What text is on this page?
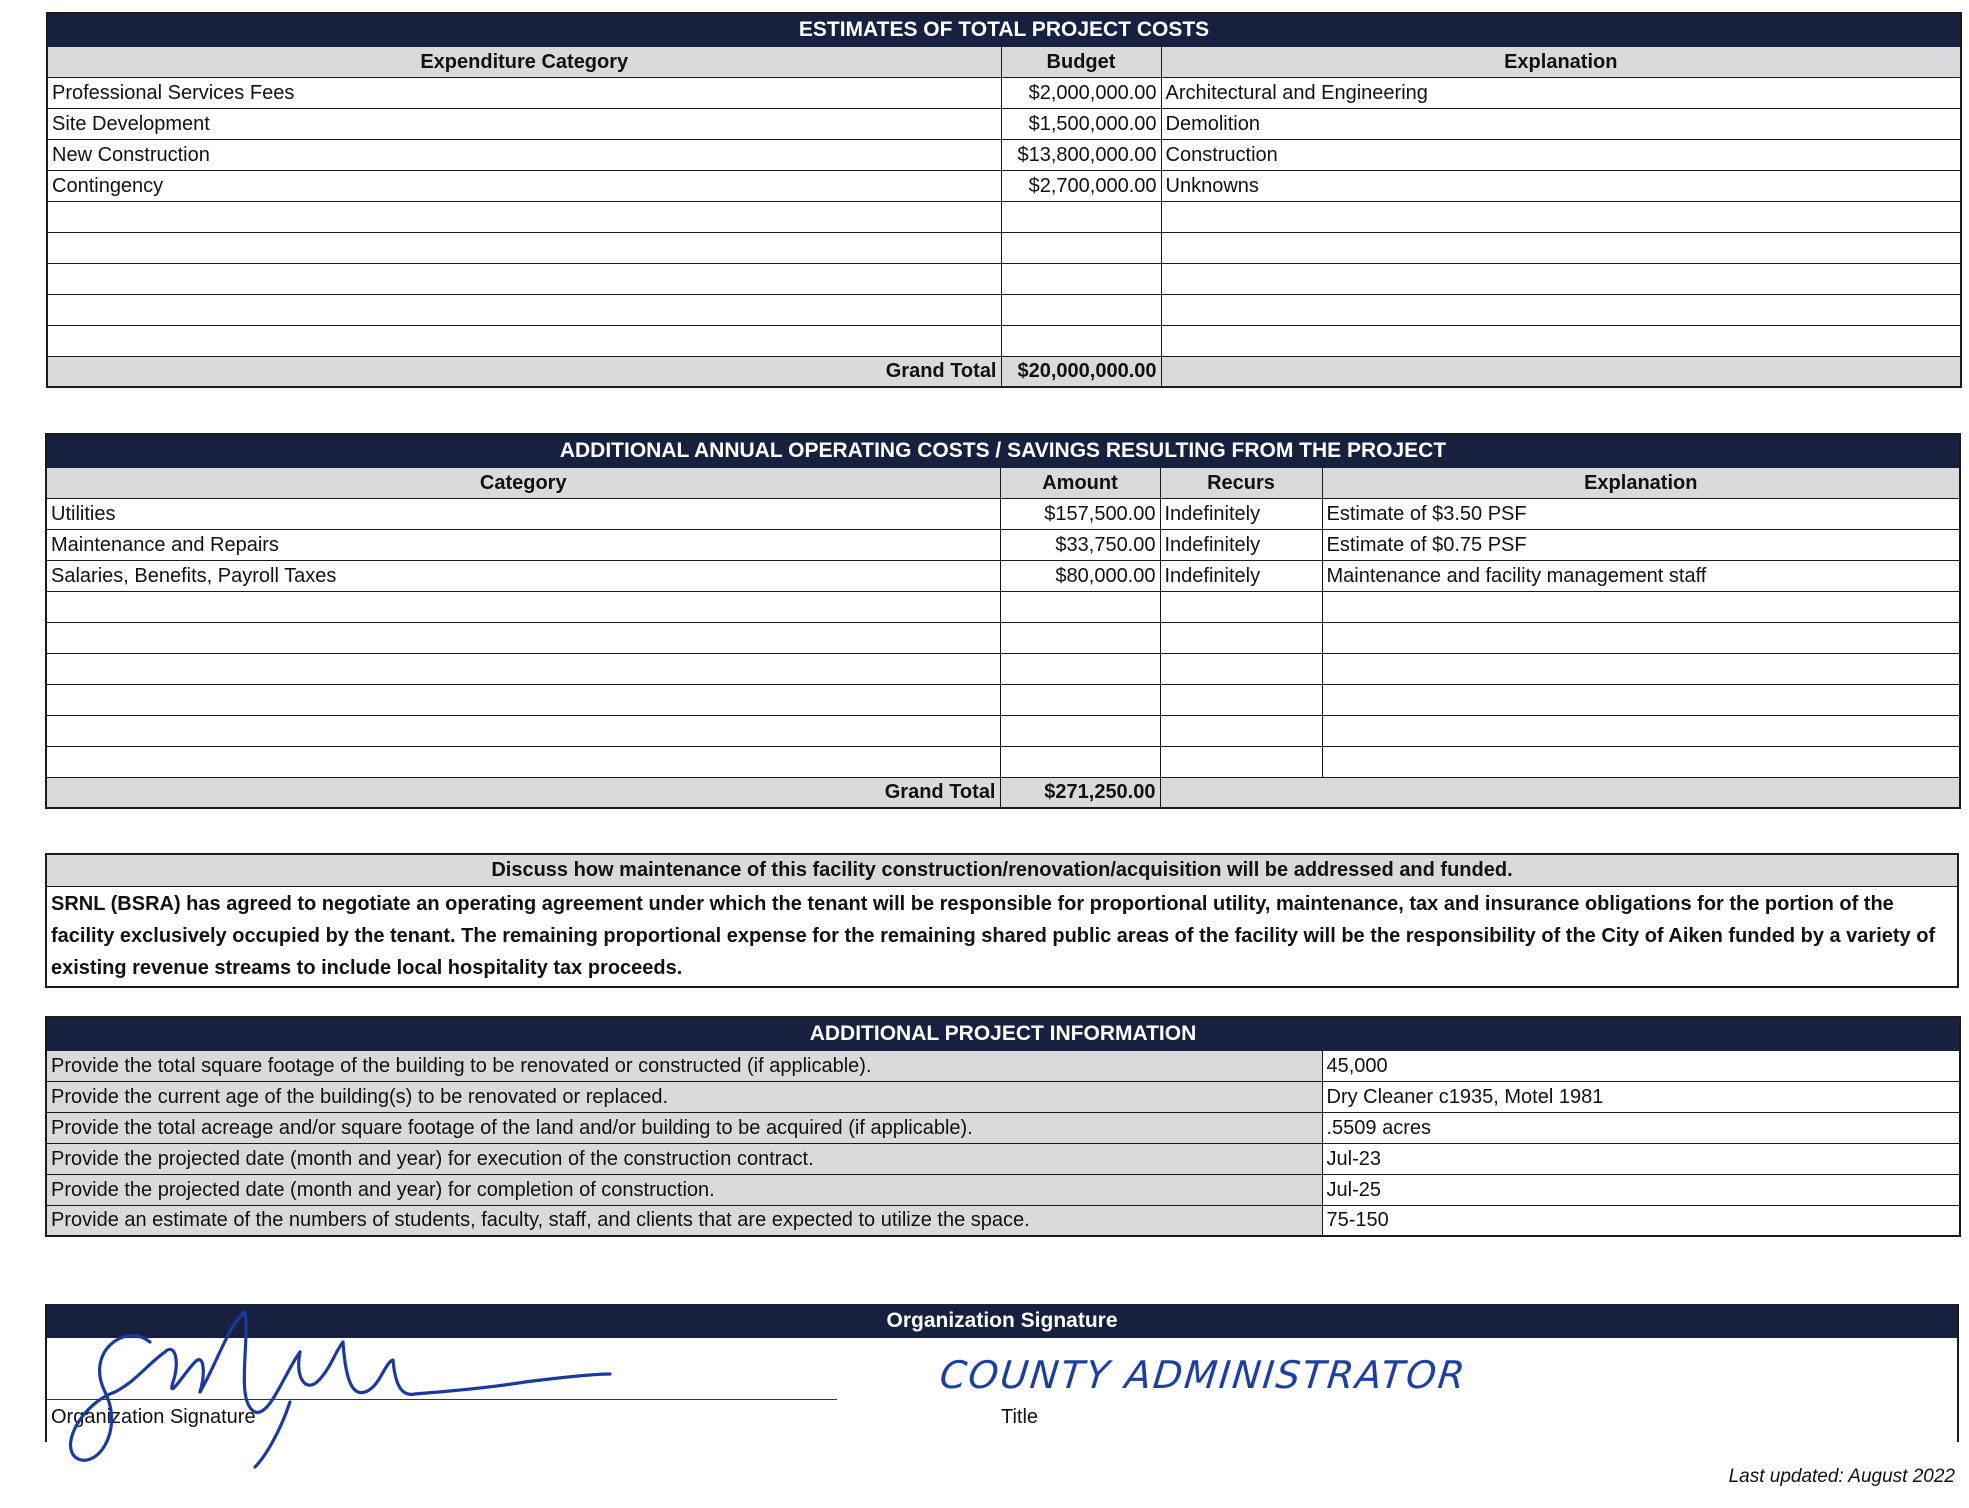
ESTIMATES OF TOTAL PROJECT COSTS		
Expenditure Category	Budget	Explanation
Professional Services Fees	$2,000,000.00	Architectural and Engineering
Site Development	$1,500,000.00	Demolition
New Construction	$13,800,000.00	Construction
Contingency	$2,700,000.00	Unknowns

Grand Total	$20,000,000.00	
ADDITIONAL ANNUAL OPERATING COSTS / SAVINGS RESULTING FROM THE PROJECT			
Category	Amount	Recurs	Explanation
Utilities	$157,500.00	Indefinitely	Estimate of $3.50 PSF
Maintenance and Repairs	$33,750.00	Indefinitely	Estimate of $0.75 PSF
Salaries, Benefits, Payroll Taxes	$80,000.00	Indefinitely	Maintenance and facility management staff

Grand Total	$271,250.00		
Discuss how maintenance of this facility construction/renovation/acquisition will be addressed and funded.
SRNL (BSRA) has agreed to negotiate an operating agreement under which the tenant will be responsible for proportional utility, maintenance, tax and insurance obligations for the portion of the facility exclusively occupied by the tenant. The remaining proportional expense for the remaining shared public areas of the facility will be the responsibility of the City of Aiken funded by a variety of existing revenue streams to include local hospitality tax proceeds.
ADDITIONAL PROJECT INFORMATION	
Provide the total square footage of the building to be renovated or constructed (if applicable).	45,000
Provide the current age of the building(s) to be renovated or replaced.	Dry Cleaner c1935, Motel 1981
Provide the total acreage and/or square footage of the land and/or building to be acquired (if applicable).	.5509 acres
Provide the projected date (month and year) for execution of the construction contract.	Jul-23
Provide the projected date (month and year) for completion of construction.	Jul-25
Provide an estimate of the numbers of students, faculty, staff, and clients that are expected to utilize the space.	75-150
Organization Signature
Organization Signature	Title
COUNTY ADMINISTRATOR
Last updated: August 2022
